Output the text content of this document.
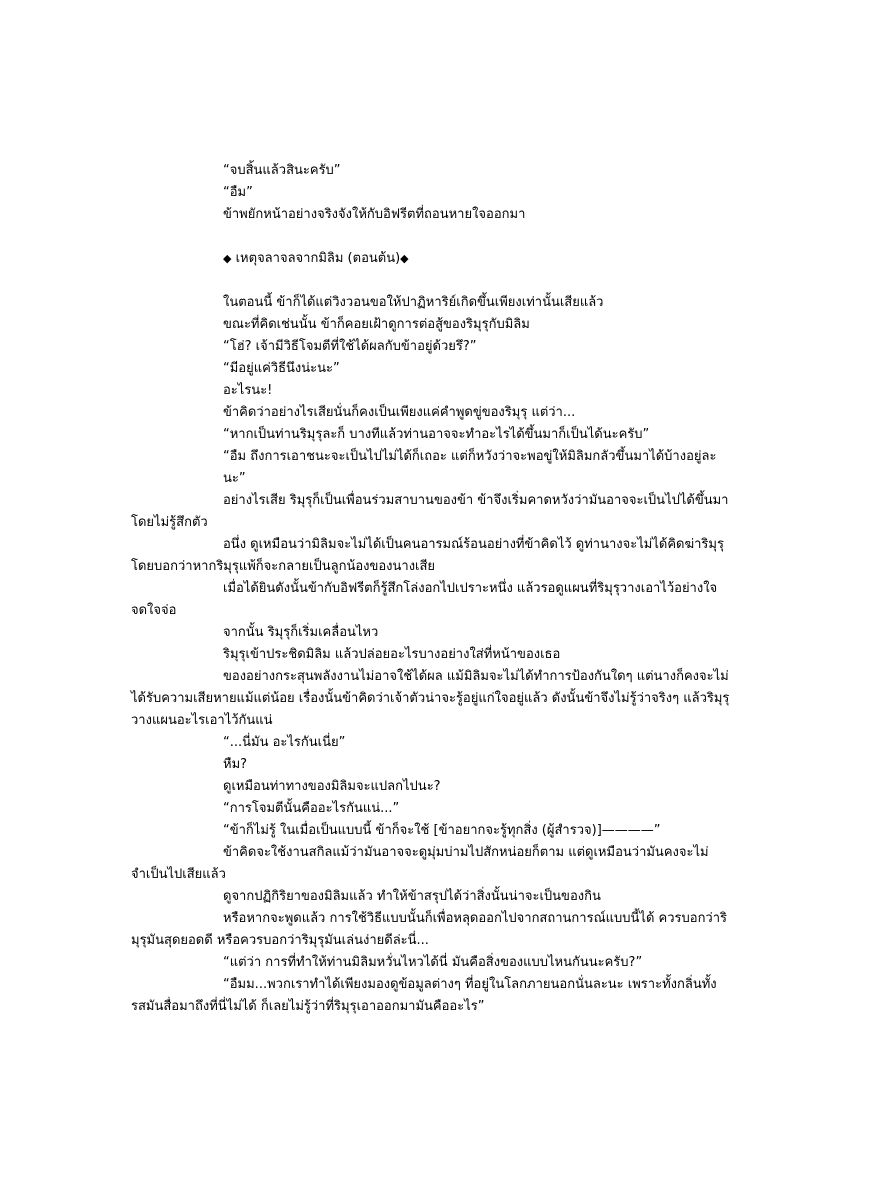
“จบสิ้นแล้วสินะครับ”
“อืม”
ข้าพยักหน้าอย่างจริงจังให้กับอิฟรีตที่ถอนหายใจออกมา
◆ เหตุจลาจลจากมิลิม (ตอนต้น)◆
ในตอนนี้ ข้าก็ได้แต่วิงวอนขอให้ปาฏิหาริย์เกิดขึ้นเพียงเท่านั้นเสียแล้ว
ขณะที่คิดเช่นนั้น ข้าก็คอยเฝ้าดูการต่อสู้ของริมุรุกับมิลิม
“โฮ่? เจ้ามีวิธีโจมตีที่ใช้ได้ผลกับข้าอยู่ด้วยรึ?”
“มีอยู่แค่วิธีนึงน่ะนะ”
อะไรนะ!
ข้าคิดว่าอย่างไรเสียนั่นก็คงเป็นเพียงแค่คำพูดขู่ของริมุรุ แต่ว่า...
“หากเป็นท่านริมุรุละก็ บางทีแล้วท่านอาจจะทำอะไรได้ขึ้นมาก็เป็นได้นะครับ”
“อืม ถึงการเอาชนะจะเป็นไปไม่ได้ก็เถอะ แต่ก็หวังว่าจะพอขู่ให้มิลิมกลัวขึ้นมาได้บ้างอยู่ละนะ”
อย่างไรเสีย ริมุรุก็เป็นเพื่อนร่วมสาบานของข้า ข้าจึงเริ่มคาดหวังว่ามันอาจจะเป็นไปได้ขึ้นมาโดยไม่รู้สึกตัว
อนึ่ง ดูเหมือนว่ามิลิมจะไม่ได้เป็นคนอารมณ์ร้อนอย่างที่ข้าคิดไว้ ดูท่านางจะไม่ได้คิดฆ่าริมุรุ โดยบอกว่าหากริมุรุแพ้ก็จะกลายเป็นลูกน้องของนางเสีย
เมื่อได้ยินดังนั้นข้ากับอิฟรีตก็รู้สึกโล่งอกไปเปราะหนึ่ง แล้วรอดูแผนที่ริมุรุวางเอาไว้อย่างใจจดใจจ่อ
จากนั้น ริมุรุก็เริ่มเคลื่อนไหว
ริมุรุเข้าประชิดมิลิม แล้วปล่อยอะไรบางอย่างใส่ที่หน้าของเธอ
ของอย่างกระสุนพลังงานไม่อาจใช้ได้ผล แม้มิลิมจะไม่ได้ทำการป้องกันใดๆ แต่นางก็คงจะไม่ได้รับความเสียหายแม้แต่น้อย เรื่องนั้นข้าคิดว่าเจ้าตัวน่าจะรู้อยู่แก่ใจอยู่แล้ว ดังนั้นข้าจึงไม่รู้ว่าจริงๆ แล้วริมุรุวางแผนอะไรเอาไว้กันแน่
“...นี่มัน อะไรกันเนี่ย”
หืม?
ดูเหมือนท่าทางของมิลิมจะแปลกไปนะ?
“การโจมตีนั้นคืออะไรกันแน่...”
“ข้าก็ไม่รู้ ในเมื่อเป็นแบบนี้ ข้าก็จะใช้ [ข้าอยากจะรู้ทุกสิ่ง (ผู้สำรวจ)]————”
ข้าคิดจะใช้งานสกิลแม้ว่ามันอาจจะดูมุ่มบ่ามไปสักหน่อยก็ตาม แต่ดูเหมือนว่ามันคงจะไม่จำเป็นไปเสียแล้ว
ดูจากปฏิกิริยาของมิลิมแล้ว ทำให้ข้าสรุปได้ว่าสิ่งนั้นน่าจะเป็นของกิน
หรือหากจะพูดแล้ว การใช้วิธีแบบนั้นก็เพื่อหลุดออกไปจากสถานการณ์แบบนี้ได้ ควรบอกว่าริมุรุมันสุดยอดดี หรือควรบอกว่าริมุรุมันเล่นง่ายดีล่ะนี่...
“แต่ว่า การที่ทำให้ท่านมิลิมหวั่นไหวได้นี่ มันคือสิ่งของแบบไหนกันนะครับ?”
“อืมม...พวกเราทำได้เพียงมองดูข้อมูลต่างๆ ที่อยู่ในโลกภายนอกนั่นละนะ เพราะทั้งกลิ่นทั้งรสมันสื่อมาถึงที่นี่ไม่ได้ ก็เลยไม่รู้ว่าที่ริมุรุเอาออกมามันคืออะไร”
